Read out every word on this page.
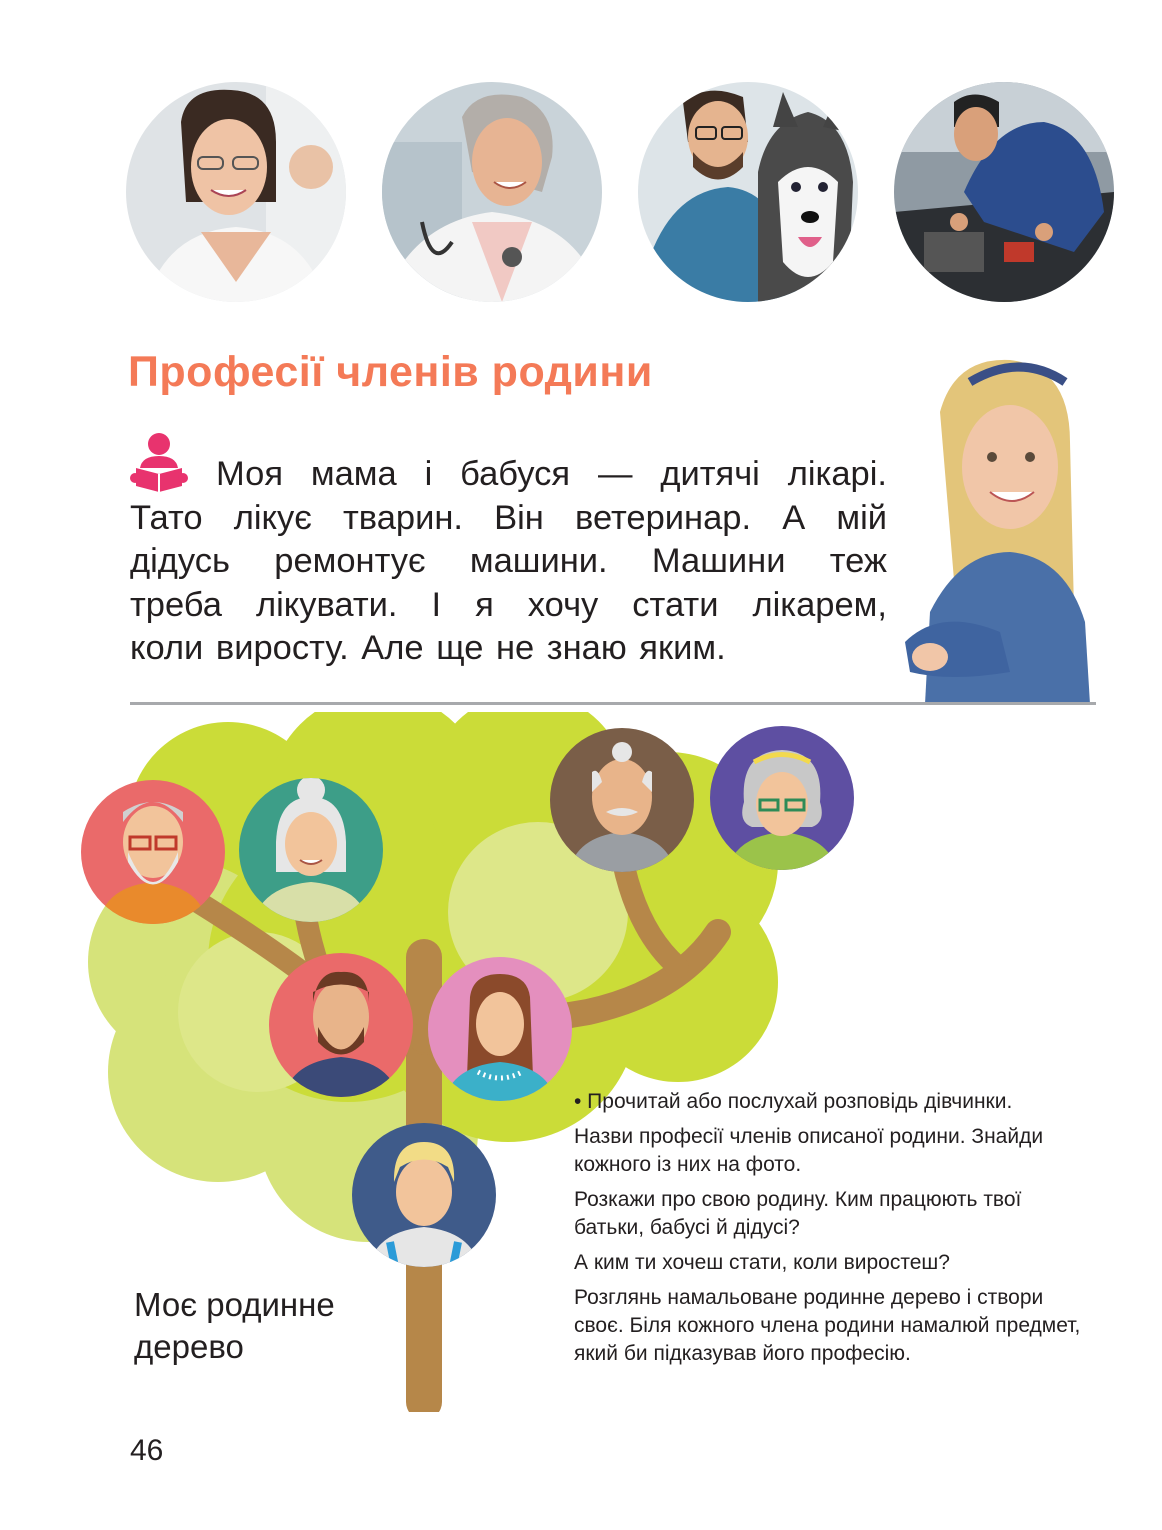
Професії членів родини
Моя мама і бабуся — дитячі лікарі.
Тато лікує тварин. Він ветеринар. А мій
дідусь ремонтує машини. Машини теж
треба лікувати. І я хочу стати лікарем,
коли виросту. Але ще не знаю яким.
Моє родинне
дерево

• Прочитай або послухай розповідь дівчинки.

Назви професії членів описаної родини. Знайди кожного із них на фото.

Розкажи про свою родину. Ким працюють твої батьки, бабусі й дідусі?

А ким ти хочеш стати, коли виростеш?

Розглянь намальоване родинне дерево і створи своє. Біля кожного члена родини намалюй предмет, який би підказував його професію.

46
